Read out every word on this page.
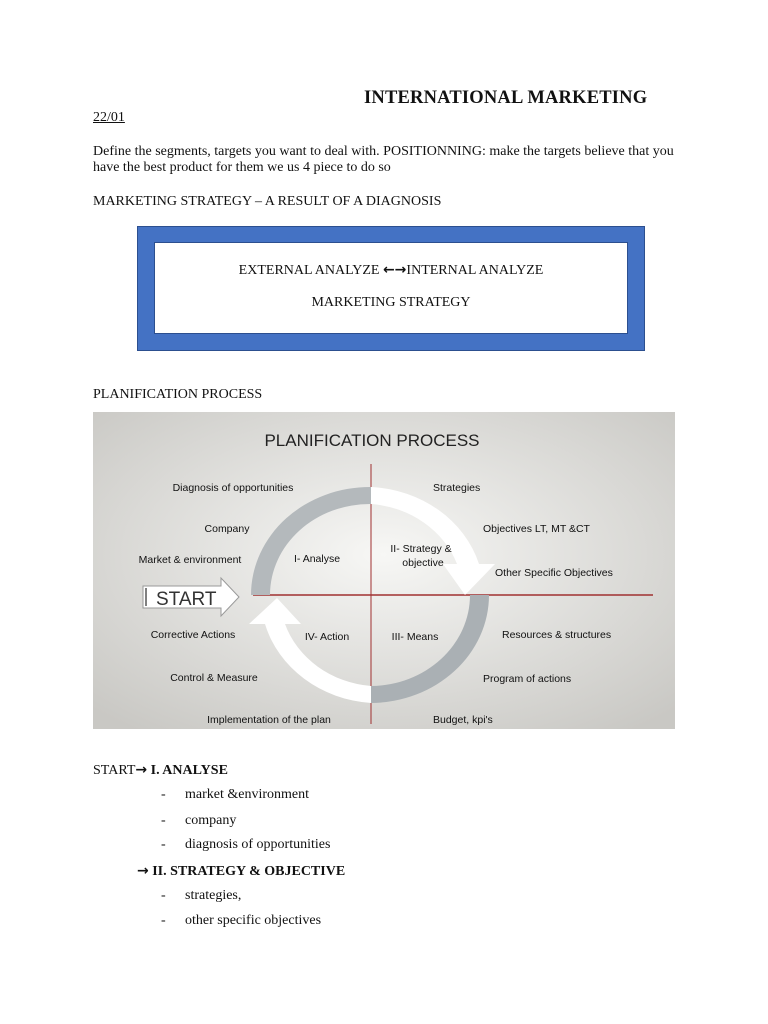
INTERNATIONAL MARKETING
22/01
Define the segments, targets you want to deal with. POSITIONNING: make the targets believe that you have the best product for them we us 4 piece to do so
MARKETING STRATEGY – A RESULT OF A DIAGNOSIS
EXTERNAL ANALYZE ←→INTERNAL ANALYZE
MARKETING STRATEGY
PLANIFICATION PROCESS
PLANIFICATION PROCESS
START
I- Analyse
II- Strategy &
objective
III- Means
IV- Action
Diagnosis of opportunities
Company
Market & environment
Corrective Actions
Control & Measure
Implementation of the plan
Strategies
Objectives LT, MT &CT
Other Specific Objectives
Resources & structures
Program of actions
Budget, kpi's
START→ I. ANALYSE
- market &environment
- company
- diagnosis of opportunities
→ II. STRATEGY & OBJECTIVE
- strategies,
- other specific objectives
